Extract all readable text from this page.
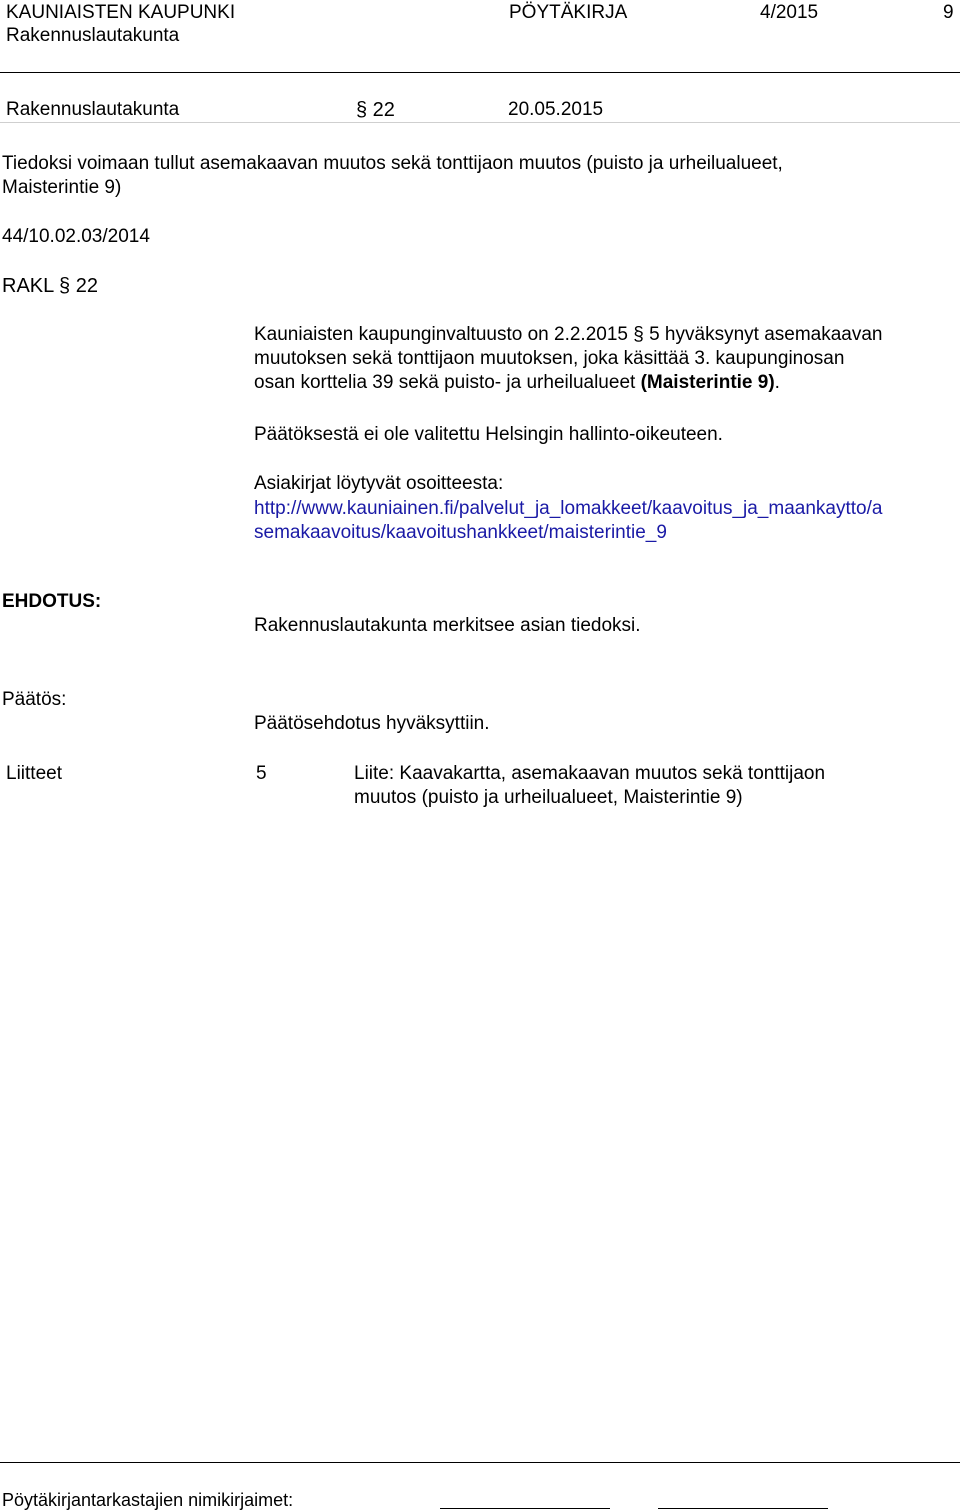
KAUNIAISTEN KAUPUNKI	PÖYTÄKIRJA	4/2015	9
Rakennuslautakunta
Rakennuslautakunta	§ 22	20.05.2015
Tiedoksi voimaan tullut asemakaavan muutos sekä tonttijaon muutos (puisto ja urheilualueet,
Maisterintie 9)
44/10.02.03/2014
RAKL § 22
Kauniaisten kaupunginvaltuusto on 2.2.2015 § 5 hyväksynyt asemakaavan
muutoksen sekä tonttijaon muutoksen, joka käsittää 3. kaupunginosan
osan korttelia 39 sekä puisto- ja urheilualueet (Maisterintie 9).
Päätöksestä ei ole valitettu Helsingin hallinto-oikeuteen.
Asiakirjat löytyvät osoitteesta:
http://www.kauniainen.fi/palvelut_ja_lomakkeet/kaavoitus_ja_maankaytto/a
semakaavoitus/kaavoitushankkeet/maisterintie_9
EHDOTUS:
Rakennuslautakunta merkitsee asian tiedoksi.
Päätös:
Päätösehdotus hyväksyttiin.
Liitteet	5	Liite: Kaavakartta, asemakaavan muutos sekä tonttijaon
muutos (puisto ja urheilualueet, Maisterintie 9)
Pöytäkirjantarkastajien nimikirjaimet:
